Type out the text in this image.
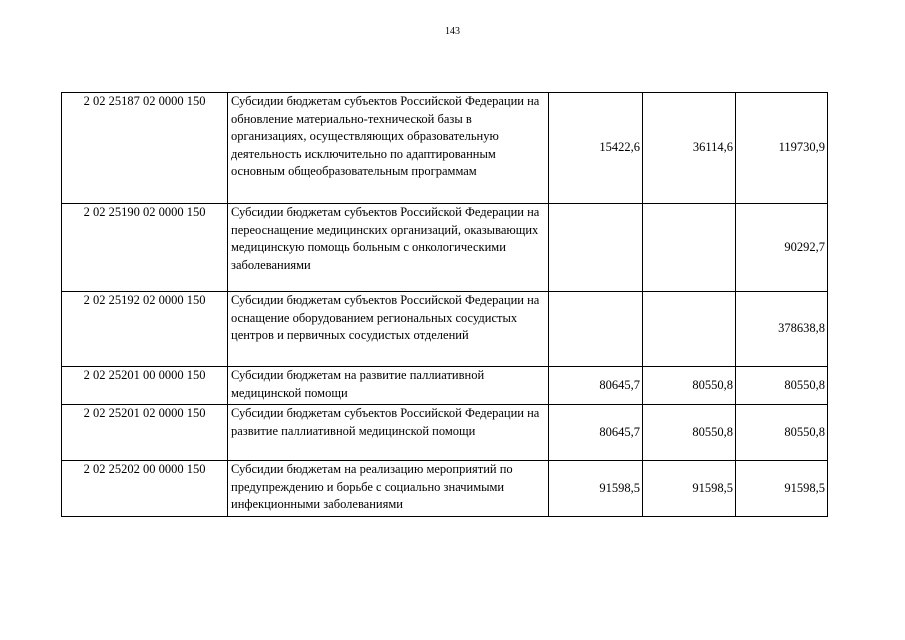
143
2 02 25187 02 0000 150	Субсидии бюджетам субъектов Российской Федерации на обновление материально-технической базы в организациях, осуществляющих образовательную деятельность исключительно по адаптированным основным общеобразовательным программам	15422,6	36114,6	119730,9
2 02 25190 02 0000 150	Субсидии бюджетам субъектов Российской Федерации на переоснащение медицинских организаций, оказывающих медицинскую помощь больным с онкологическими заболеваниями			90292,7
2 02 25192 02 0000 150	Субсидии бюджетам субъектов Российской Федерации на оснащение оборудованием региональных сосудистых центров и первичных сосудистых отделений			378638,8
2 02 25201 00 0000 150	Субсидии бюджетам на развитие паллиативной медицинской помощи	80645,7	80550,8	80550,8
2 02 25201 02 0000 150	Субсидии бюджетам субъектов Российской Федерации на развитие паллиативной медицинской помощи	80645,7	80550,8	80550,8
2 02 25202 00 0000 150	Субсидии бюджетам на реализацию мероприятий по предупреждению и борьбе с социально значимыми инфекционными заболеваниями	91598,5	91598,5	91598,5
